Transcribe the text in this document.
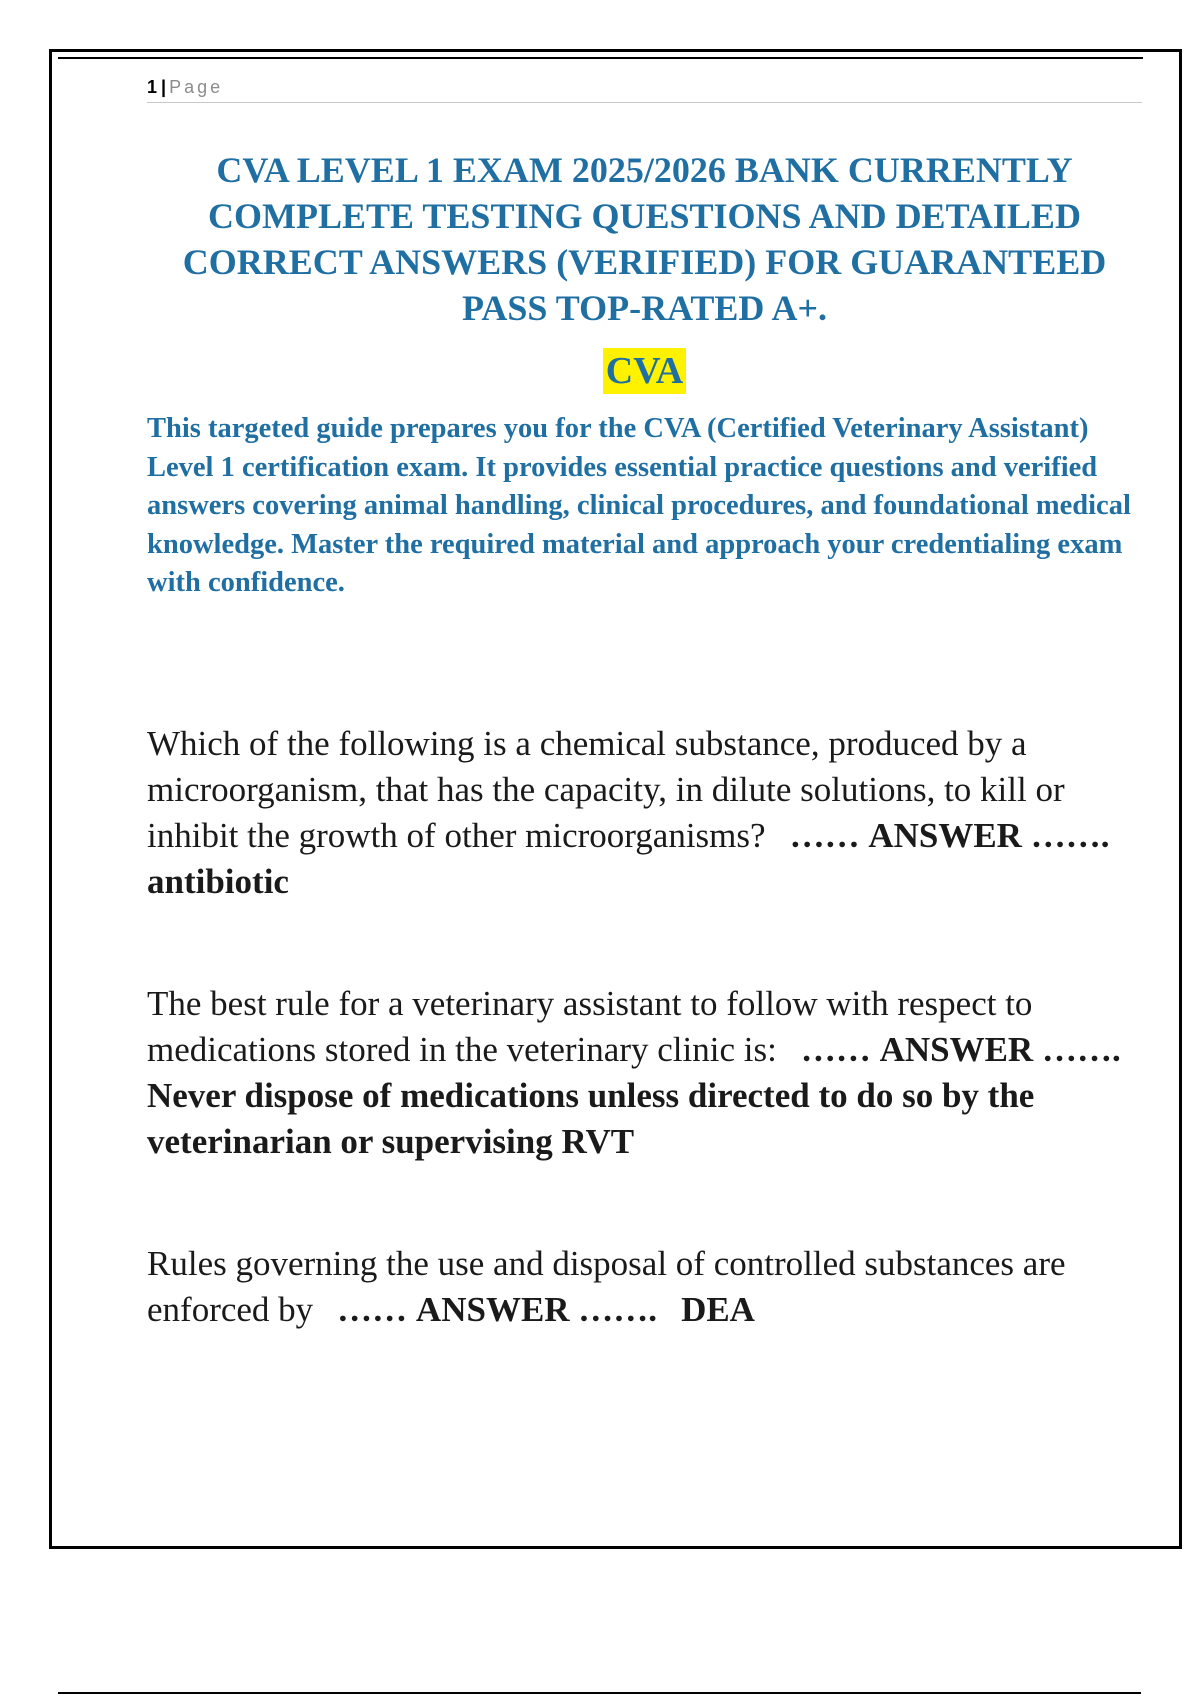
1 | Page
CVA LEVEL 1 EXAM 2025/2026 BANK CURRENTLY COMPLETE TESTING QUESTIONS AND DETAILED CORRECT ANSWERS (VERIFIED) FOR GUARANTEED PASS TOP-RATED A+.
CVA

This targeted guide prepares you for the CVA (Certified Veterinary Assistant) Level 1 certification exam. It provides essential practice questions and verified answers covering animal handling, clinical procedures, and foundational medical knowledge. Master the required material and approach your credentialing exam with confidence.

Which of the following is a chemical substance, produced by a microorganism, that has the capacity, in dilute solutions, to kill or inhibit the growth of other microorganisms? …… ANSWER …….antibiotic

The best rule for a veterinary assistant to follow with respect to medications stored in the veterinary clinic is: …… ANSWER …….Never dispose of medications unless directed to do so by the veterinarian or supervising RVT

Rules governing the use and disposal of controlled substances are enforced by …… ANSWER ……. DEA
